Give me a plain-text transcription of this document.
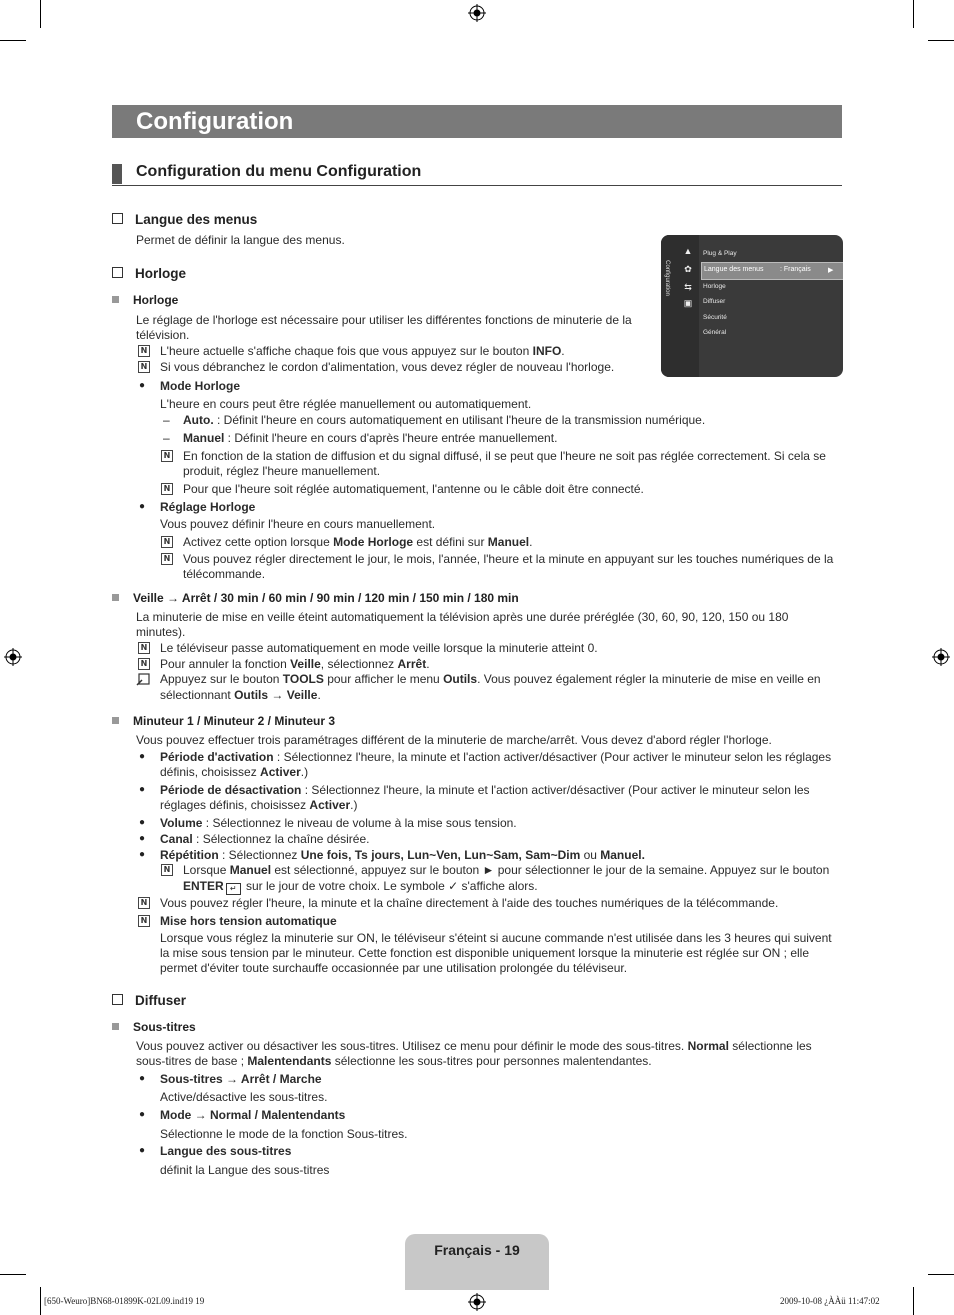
Configuration
Configuration du menu Configuration
Langue des menus
Permet de définir la langue des menus.
Configuration
▲
✿
⇆
▣
Plug & Play
Langue des menus : Français ▶
Horloge
Diffuser
Sécurité
Général
Horloge
Horloge
Le réglage de l'horloge est nécessaire pour utiliser les différentes fonctions de minuterie de la télévision.
N L'heure actuelle s'affiche chaque fois que vous appuyez sur le bouton INFO.
N Si vous débranchez le cordon d'alimentation, vous devez régler de nouveau l'horloge.
● Mode Horloge
L'heure en cours peut être réglée manuellement ou automatiquement.
– Auto. : Définit l'heure en cours automatiquement en utilisant l'heure de la transmission numérique.
– Manuel : Définit l'heure en cours d'après l'heure entrée manuellement.
N En fonction de la station de diffusion et du signal diffusé, il se peut que l'heure ne soit pas réglée correctement. Si cela se produit, réglez l'heure manuellement.
N Pour que l'heure soit réglée automatiquement, l'antenne ou le câble doit être connecté.
● Réglage Horloge
Vous pouvez définir l'heure en cours manuellement.
N Activez cette option lorsque Mode Horloge est défini sur Manuel.
N Vous pouvez régler directement le jour, le mois, l'année, l'heure et la minute en appuyant sur les touches numériques de la télécommande.
Veille → Arrêt / 30 min / 60 min / 90 min / 120 min / 150 min / 180 min
La minuterie de mise en veille éteint automatiquement la télévision après une durée préréglée (30, 60, 90, 120, 150 ou 180 minutes).
N Le téléviseur passe automatiquement en mode veille lorsque la minuterie atteint 0.
N Pour annuler la fonction Veille, sélectionnez Arrêt.
Appuyez sur le bouton TOOLS pour afficher le menu Outils. Vous pouvez également régler la minuterie de mise en veille en
sélectionnant Outils → Veille.
Minuteur 1 / Minuteur 2 / Minuteur 3
Vous pouvez effectuer trois paramétrages différent de la minuterie de marche/arrêt. Vous devez d'abord régler l'horloge.
● Période d'activation : Sélectionnez l'heure, la minute et l'action activer/désactiver (Pour activer le minuteur selon les réglages
définis, choisissez Activer.)
● Période de désactivation : Sélectionnez l'heure, la minute et l'action activer/désactiver (Pour activer le minuteur selon les
réglages définis, choisissez Activer.)
● Volume : Sélectionnez le niveau de volume à la mise sous tension.
● Canal : Sélectionnez la chaîne désirée.
● Répétition : Sélectionnez Une fois, Ts jours, Lun~Ven, Lun~Sam, Sam~Dim ou Manuel.
N Lorsque Manuel est sélectionné, appuyez sur le bouton ► pour sélectionner le jour de la semaine. Appuyez sur le bouton
ENTER ↵ sur le jour de votre choix. Le symbole ✓ s'affiche alors.
N Vous pouvez régler l'heure, la minute et la chaîne directement à l'aide des touches numériques de la télécommande.
N Mise hors tension automatique
Lorsque vous réglez la minuterie sur ON, le téléviseur s'éteint si aucune commande n'est utilisée dans les 3 heures qui suivent la mise sous tension par le minuteur. Cette fonction est disponible uniquement lorsque la minuterie est réglée sur ON ; elle permet d'éviter toute surchauffe occasionnée par une utilisation prolongée du téléviseur.
Diffuser
Sous-titres
Vous pouvez activer ou désactiver les sous-titres. Utilisez ce menu pour définir le mode des sous-titres. Normal sélectionne les
sous-titres de base ; Malentendants sélectionne les sous-titres pour personnes malentendantes.
● Sous-titres → Arrêt / Marche
Active/désactive les sous-titres.
● Mode → Normal / Malentendants
Sélectionne le mode de la fonction Sous-titres.
● Langue des sous-titres
définit la Langue des sous-titres
Français - 19
[650-Weuro]BN68-01899K-02L09.ind19 19	2009-10-08 ¿ÀÀü 11:47:02
